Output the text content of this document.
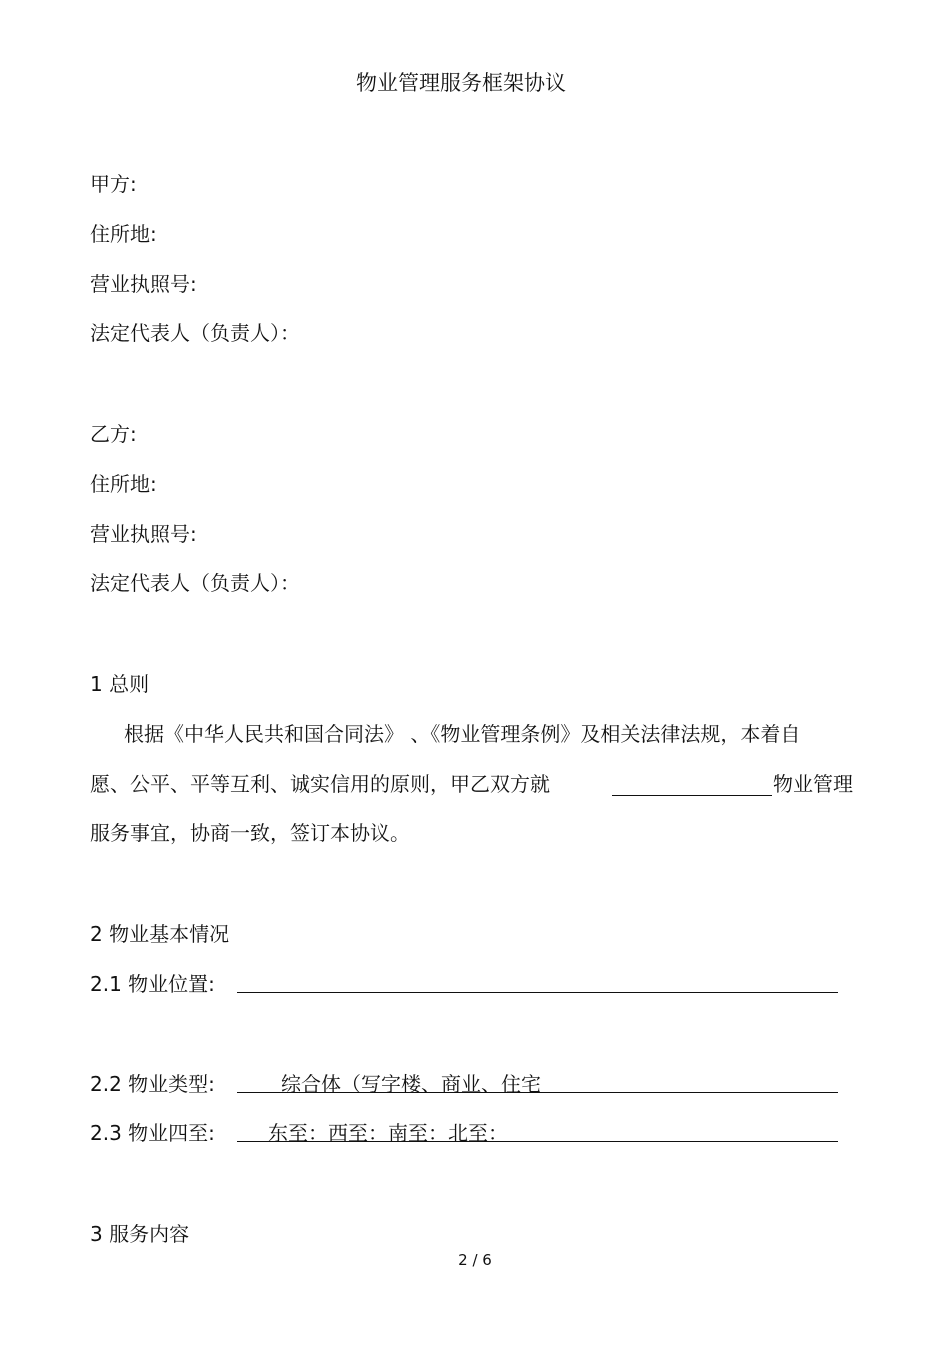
物业管理服务框架协议
甲方:
住所地:
营业执照号:
法定代表人（负责人）：
乙方:
住所地:
营业执照号:
法定代表人（负责人）：
1 总则
根据《中华人民共和国合同法》 、《物业管理条例》及相关法律法规，本着自
愿、公平、平等互利、诚实信用的原则，甲乙双方就	物业管理
服务事宜，协商一致，签订本协议。
2 物业基本情况
2.1 物业位置:
2.2 物业类型:	综合体（写字楼、商业、住宅
2.3 物业四至:	东至：西至：南至：北至：
3 服务内容
2 / 6
